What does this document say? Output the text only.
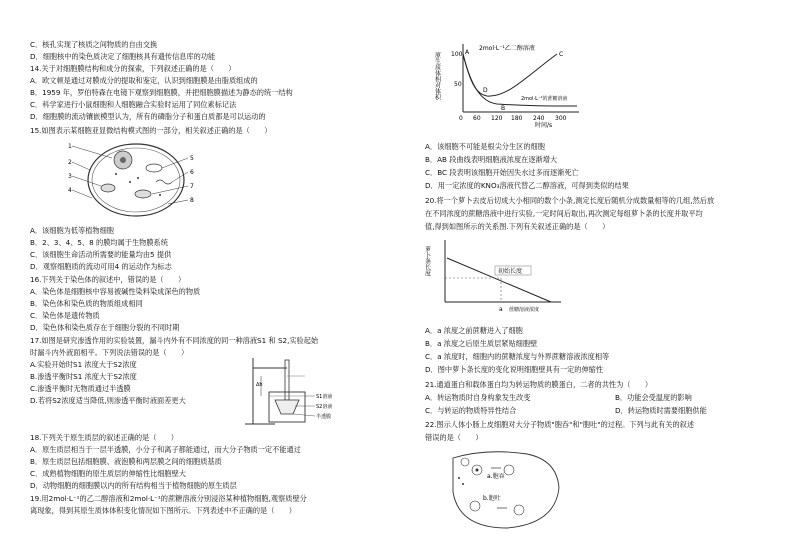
C．核孔实现了核质之间物质的自由交换
D．细胞核中的染色质决定了细胞核具有遗传信息库的功能
14.关于对细胞膜结构和成分的探索，下列叙述正确的是（　　）
A．欧文顿是通过对膜成分的提取和鉴定，认识到细胞膜是由脂质组成的
B．1959 年，罗伯特森在电镜下观察到细胞膜，并把细胞膜描述为静态的统一结构
C．科学家进行小鼠细胞和人细胞融合实验时运用了同位素标记法
D．细胞膜的流动镶嵌模型认为，所有的磷脂分子和蛋白质都是可以运动的
15.如图表示某细胞亚显微结构模式图的一部分，相关叙述正确的是（　　）
1
2
3
4
5
6
7
8
A．该细胞为低等植物细胞
B．2、3、4、5、8 的膜均属于生物膜系统
C．该细胞生命活动所需要的能量均由5 提供
D．观察细胞质的流动可用4 的运动作为标志
16.下列关于染色体的叙述中，错误的是（　　）
A．染色体是细胞核中容易被碱性染料染成深色的物质
B．染色体和染色质的物质组成相同
C．染色体是遗传物质
D．染色体和染色质存在于细胞分裂的不同时期
17.如图是研究渗透作用的实验装置，漏斗内外有不同浓度的同一种溶液S1 和 S2,实验起始
时漏斗内外液面相平。下列说法错误的是（　　）
A.实验开始时S1 浓度大于S2浓度
B.渗透平衡时S1 浓度大于S2浓度
C.渗透平衡时无物质通过半透膜
D.若将S2浓度适当降低,则渗透平衡时液面差更大
Δh
S1溶液
S2溶液
半透膜
18.下列关于原生质层的叙述正确的是（　　）
A．原生质层相当于一层半透膜，小分子和离子都能通过，而大分子物质一定不能通过
B．原生质层包括细胞膜、液泡膜和两层膜之间的细胞质基质
C．成熟植物细胞的原生质层的伸缩性比细胞壁大
D．动物细胞的细胞膜以内的所有结构相当于植物细胞的原生质层
19.用2mol·L⁻¹的乙二醇溶液和2mol·L⁻¹的蔗糖溶液分别浸浴某种植物细胞,观察质壁分
离现象，得到其原生质体体积变化情况如下图所示。下列表述中不正确的是（　　）
原生质体相对体积 100
50
0 60 120 180 240 300
时间/s
A
B
C
D
2mol·L⁻¹乙二醇溶液
2mol·L⁻¹的蔗糖溶液
A．该细胞不可能是根尖分生区的细胞
B．AB 段曲线表明细胞液浓度在逐渐增大
C．BC 段表明该细胞开始因失水过多而逐渐死亡
D．用一定浓度的KNO₃溶液代替乙二醇溶液，可得到类似的结果
20.将一个萝卜去皮后切成大小相同的数个小条,测定长度后随机分成数量相等的几组,然后放
在不同浓度的蔗糖溶液中进行实验,一定时间后取出,再次测定每组萝卜条的长度并取平均
值,得到如图所示的关系图.下列有关叙述正确的是（　　）
萝卜条长度	初始长度
a 蔗糖溶液浓度
A．a 浓度之前蔗糖进入了细胞
B．a 浓度之后原生质层紧贴细胞壁
C．a 浓度时，细胞内的蔗糖浓度与外界蔗糖溶液浓度相等
D．图中萝卜条长度的变化说明细胞壁具有一定的伸缩性
21.通道蛋白和载体蛋白均为转运物质的膜蛋白，二者的共性为（　　）
A．转运物质时自身构象发生改变	B．功能会受温度的影响
C．与转运的物质特异性结合	D．转运物质时需要细胞供能
22.图示人体小肠上皮细胞对大分子物质"胞吞"和"胞吐"的过程。下列与此有关的叙述
错误的是（　　）
a.胞吞
b.胞吐
